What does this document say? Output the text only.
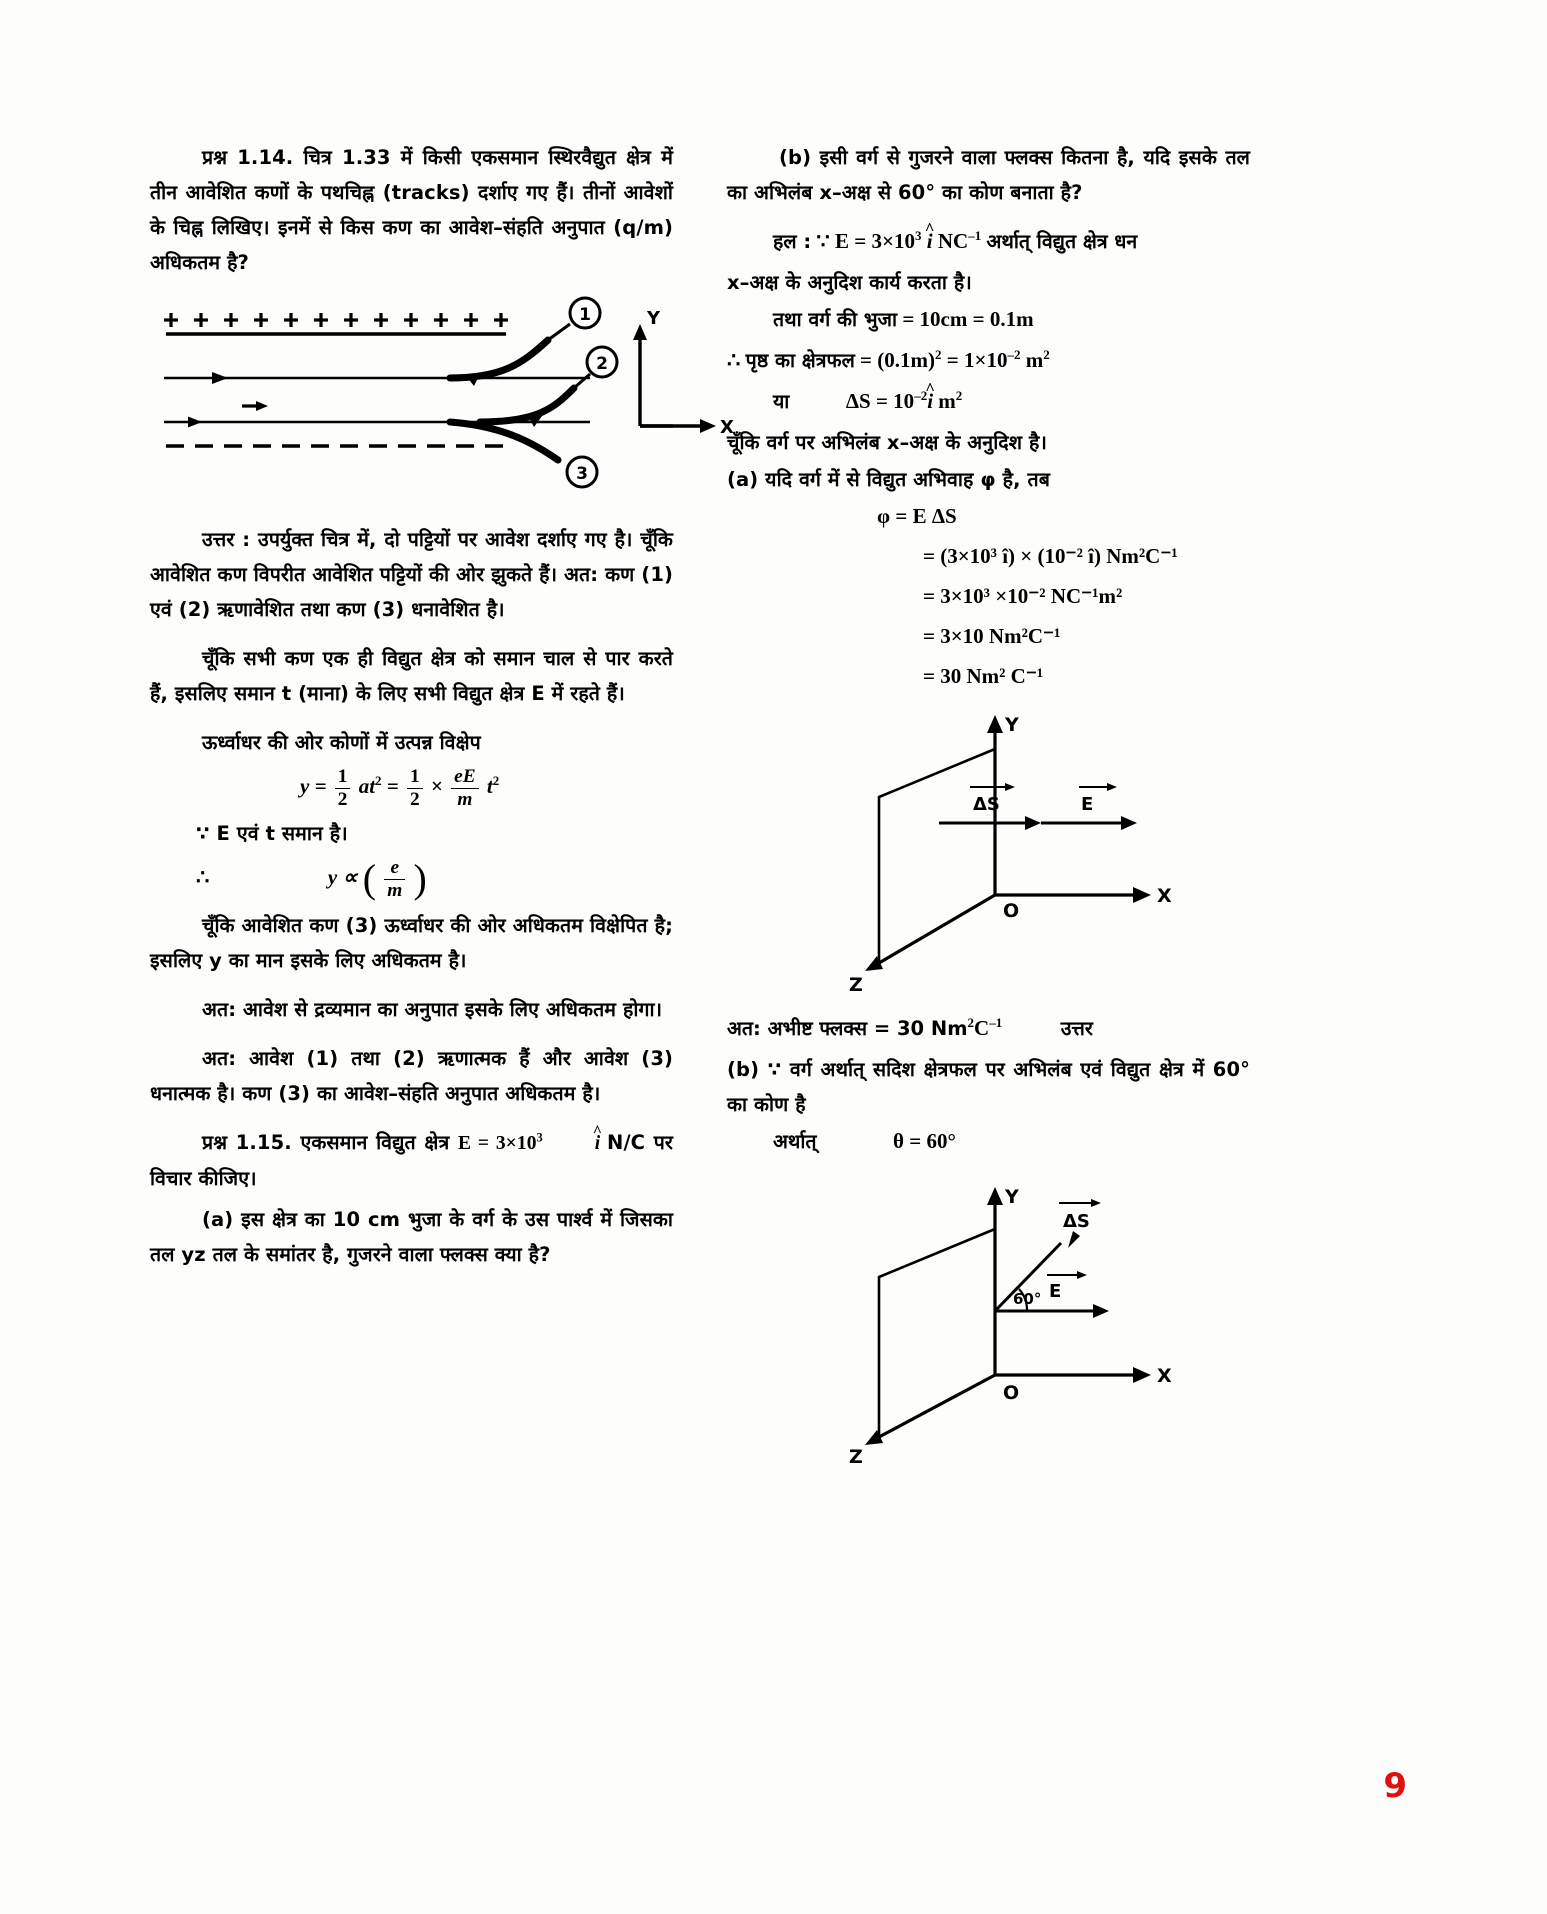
प्रश्न 1.14. चित्र 1.33 में किसी एकसमान स्थिरवैद्युत क्षेत्र में तीन आवेशित कणों के पथचिह्न (tracks) दर्शाए गए हैं। तीनों आवेशों के चिह्न लिखिए। इनमें से किस कण का आवेश–संहति अनुपात (q/m) अधिकतम है?

1
2
3
Y
X

उत्तर : उपर्युक्त चित्र में, दो पट्टियों पर आवेश दर्शाए गए है। चूँकि आवेशित कण विपरीत आवेशित पट्टियों की ओर झुकते हैं। अत: कण (1) एवं (2) ऋणावेशित तथा कण (3) धनावेशित है।

चूँकि सभी कण एक ही विद्युत क्षेत्र को समान चाल से पार करते हैं, इसलिए समान t (माना) के लिए सभी विद्युत क्षेत्र E में रहते हैं।

ऊर्ध्वाधर की ओर कोणों में उत्पन्न विक्षेप

$y = \frac{1}{2} at^2 = \frac{1}{2} \times \frac{eE}{m} t^2$

∵ E एवं t समान है।

∴	y ∝ ( $\frac{e}{m}$ )

चूँकि आवेशित कण (3) ऊर्ध्वाधर की ओर अधिकतम विक्षेपित है; इसलिए y का मान इसके लिए अधिकतम है।

अत: आवेश से द्रव्यमान का अनुपात इसके लिए अधिकतम होगा।

अत: आवेश (1) तथा (2) ऋणात्मक हैं और आवेश (3) धनात्मक है। कण (3) का आवेश–संहति अनुपात अधिकतम है।

प्रश्न 1.15. एकसमान विद्युत क्षेत्र $E = 3\times 10^3$	^ i N/C पर विचार कीजिए।

(a) इस क्षेत्र का 10 cm भुजा के वर्ग के उस पार्श्व में जिसका तल yz तल के समांतर है, गुजरने वाला फ्लक्स क्या है?

(b) इसी वर्ग से गुजरने वाला फ्लक्स कितना है, यदि इसके तल का अभिलंब x–अक्ष से 60° का कोण बनाता है?

हल : ∵ $E = 3\times 10^3$ ^ i $NC^{-1}$ अर्थात् विद्युत क्षेत्र धन

x–अक्ष के अनुदिश कार्य करता है।

तथा वर्ग की भुजा = 10cm = 0.1m

∴ पृष्ठ का क्षेत्रफल = $(0.1m)^2 = 1\times 10^{-2}$ $m^2$

या	$\Delta S = 10^{-2}\^{}$ i $m^2$

चूँकि वर्ग पर अभिलंब x–अक्ष के अनुदिश है।

(a) यदि वर्ग में से विद्युत अभिवाह φ है, तब

φ = E ΔS
= (3×10³ î) × (10⁻² î) Nm²C⁻¹
= 3×10³ ×10⁻² NC⁻¹m²
= 3×10 Nm²C⁻¹
= 30 Nm² C⁻¹
Y
X
Z
ΔS	E
O

अत: अभीष्ट फ्लक्स = 30 $Nm^2C^{-1}$	उत्तर

(b) ∵ वर्ग अर्थात् सदिश क्षेत्रफल पर अभिलंब एवं विद्युत क्षेत्र में 60° का कोण है

अर्थात्	θ = 60°

Y
X
Z
E
ΔS
60°
O
9
